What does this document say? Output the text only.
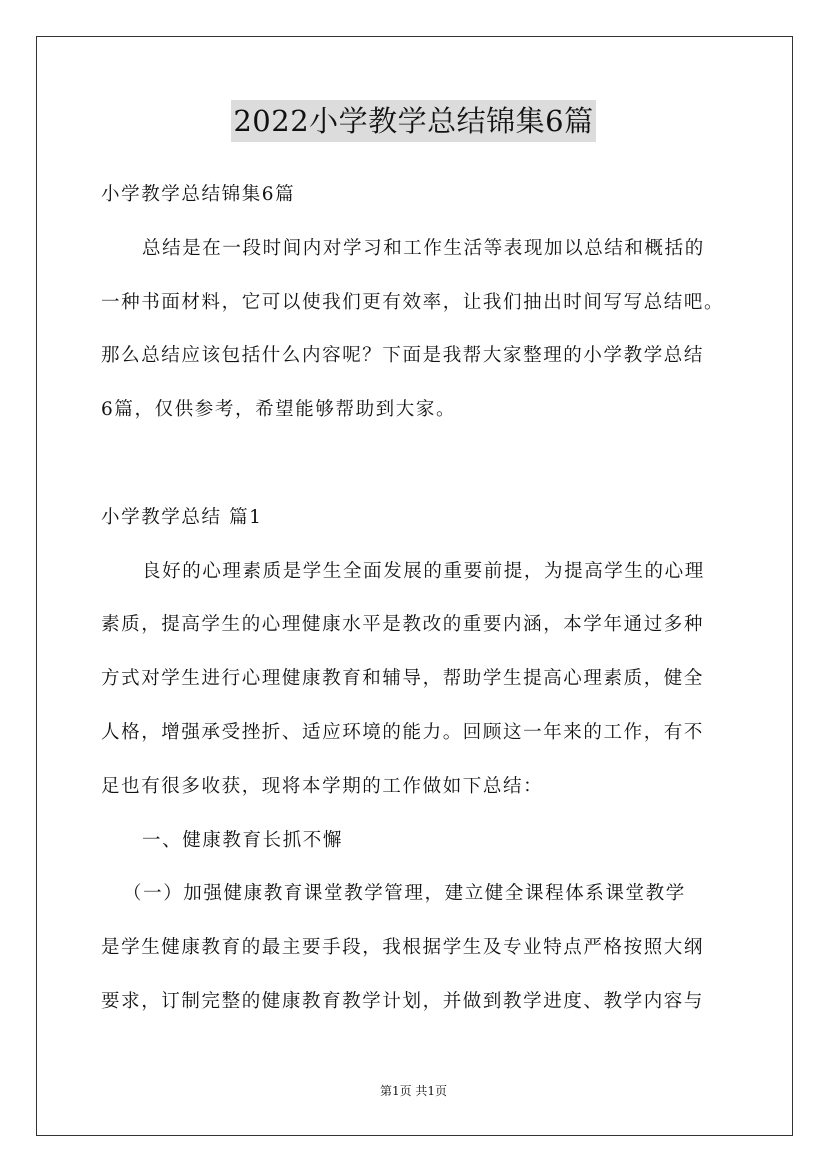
2022小学教学总结锦集6篇
小学教学总结锦集6篇
总结是在一段时间内对学习和工作生活等表现加以总结和概括的
一种书面材料，它可以使我们更有效率，让我们抽出时间写写总结吧。
那么总结应该包括什么内容呢？下面是我帮大家整理的小学教学总结
6篇，仅供参考，希望能够帮助到大家。
小学教学总结 篇1
良好的心理素质是学生全面发展的重要前提，为提高学生的心理
素质，提高学生的心理健康水平是教改的重要内涵，本学年通过多种
方式对学生进行心理健康教育和辅导，帮助学生提高心理素质，健全
人格，增强承受挫折、适应环境的能力。回顾这一年来的工作，有不
足也有很多收获，现将本学期的工作做如下总结：
一、健康教育长抓不懈
（一）加强健康教育课堂教学管理，建立健全课程体系课堂教学
是学生健康教育的最主要手段，我根据学生及专业特点严格按照大纲
要求，订制完整的健康教育教学计划，并做到教学进度、教学内容与
第1页 共1页
